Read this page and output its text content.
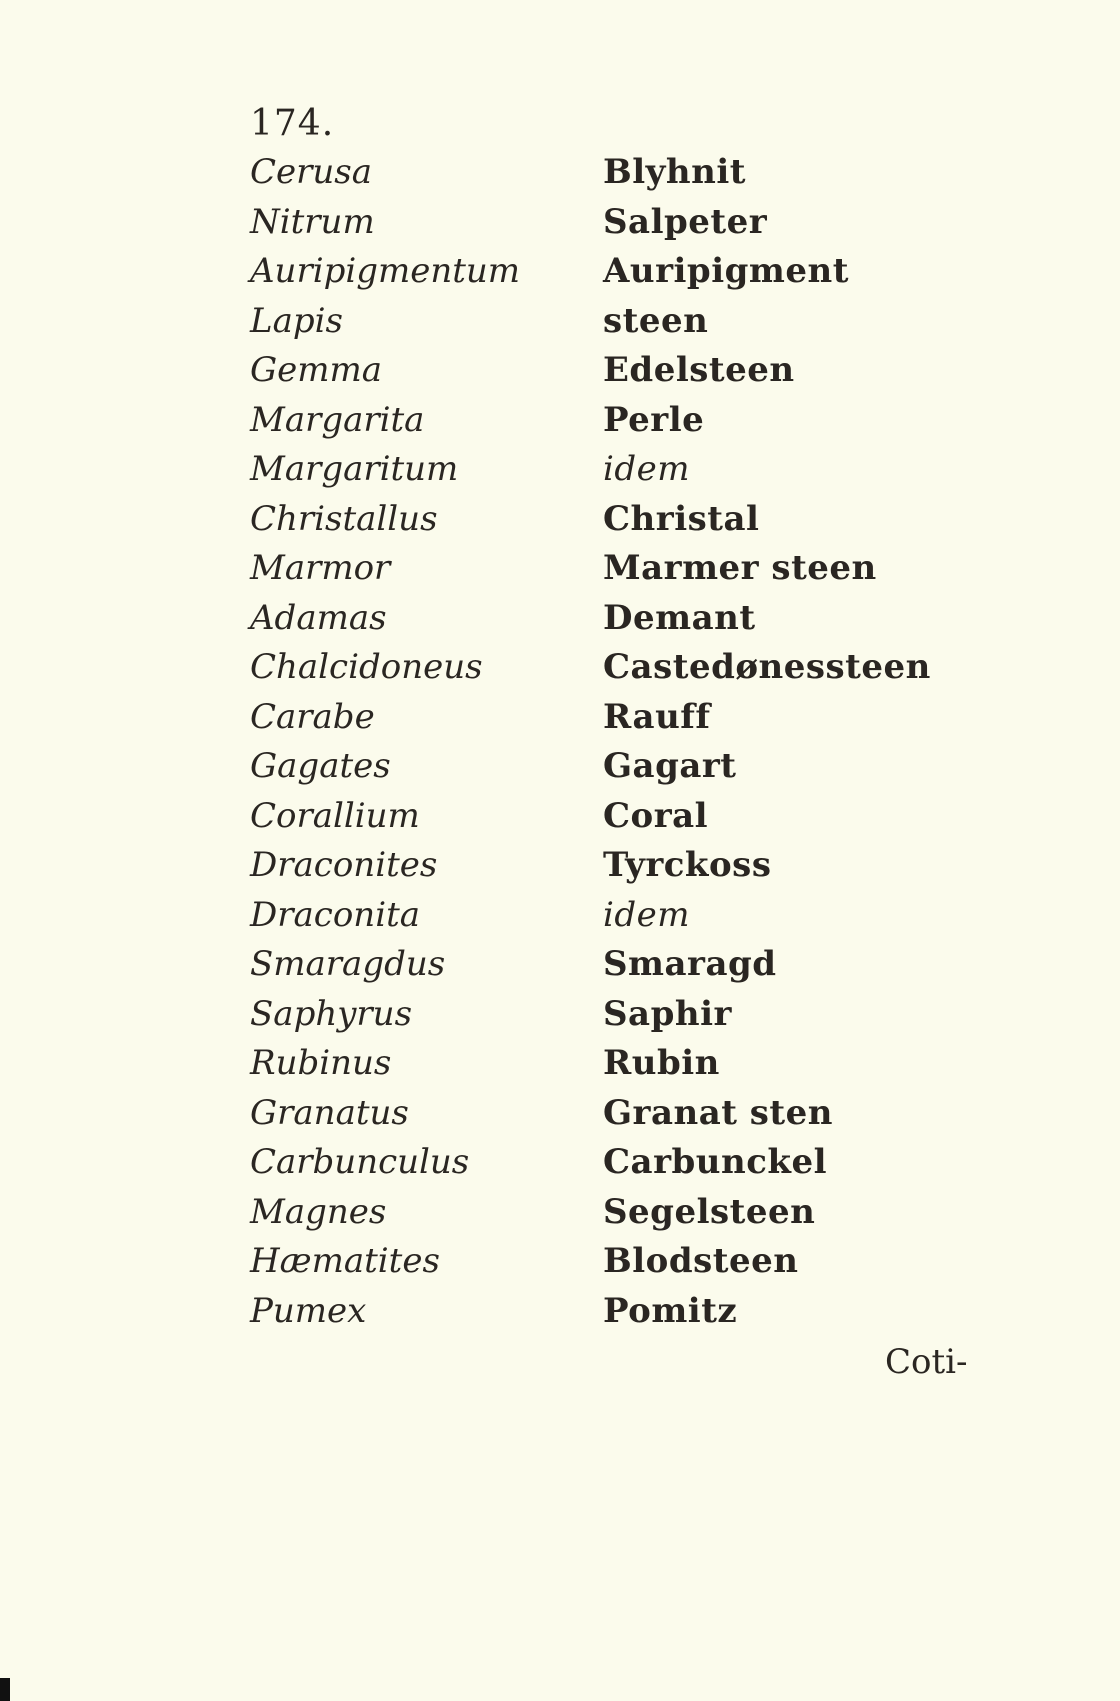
174.
Cerusa	Blyhnit
Nitrum	Salpeter
Auripigmentum Auripigment
Lapis	steen
Gemma	Edelsteen
Margarita	Perle
Margaritum	idem
Christallus	Christal
Marmor	Marmer steen
Adamas	Demant
Chalcidoneus	Castedønessteen
Carabe	Rauff
Gagates	Gagart
Corallium	Coral
Draconites	Tyrckoss
Draconita	idem
Smaragdus	Smaragd
Saphyrus	Saphir
Rubinus	Rubin
Granatus	Granat sten
Carbunculus	Carbunckel
Magnes	Segelsteen
Hæmatites	Blodsteen
Pumex	Pomitz
Coti-
